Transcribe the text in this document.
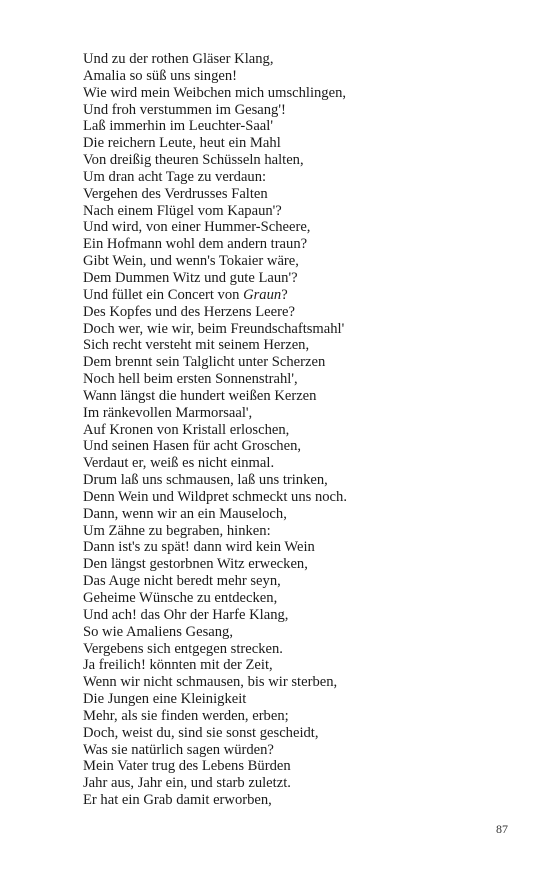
Und zu der rothen Gläser Klang,
Amalia so süß uns singen!
Wie wird mein Weibchen mich umschlingen,
Und froh verstummen im Gesang'!
Laß immerhin im Leuchter-Saal'
Die reichern Leute, heut ein Mahl
Von dreißig theuren Schüsseln halten,
Um dran acht Tage zu verdaun:
Vergehen des Verdrusses Falten
Nach einem Flügel vom Kapaun'?
Und wird, von einer Hummer-Scheere,
Ein Hofmann wohl dem andern traun?
Gibt Wein, und wenn's Tokaier wäre,
Dem Dummen Witz und gute Laun'?
Und füllet ein Concert von Graun?
Des Kopfes und des Herzens Leere?
Doch wer, wie wir, beim Freundschaftsmahl'
Sich recht versteht mit seinem Herzen,
Dem brennt sein Talglicht unter Scherzen
Noch hell beim ersten Sonnenstrahl',
Wann längst die hundert weißen Kerzen
Im ränkevollen Marmorsaal',
Auf Kronen von Kristall erloschen,
Und seinen Hasen für acht Groschen,
Verdaut er, weiß es nicht einmal.
Drum laß uns schmausen, laß uns trinken,
Denn Wein und Wildpret schmeckt uns noch.
Dann, wenn wir an ein Mauseloch,
Um Zähne zu begraben, hinken:
Dann ist's zu spät! dann wird kein Wein
Den längst gestorbnen Witz erwecken,
Das Auge nicht beredt mehr seyn,
Geheime Wünsche zu entdecken,
Und ach! das Ohr der Harfe Klang,
So wie Amaliens Gesang,
Vergebens sich entgegen strecken.
Ja freilich! könnten mit der Zeit,
Wenn wir nicht schmausen, bis wir sterben,
Die Jungen eine Kleinigkeit
Mehr, als sie finden werden, erben;
Doch, weist du, sind sie sonst gescheidt,
Was sie natürlich sagen würden?
Mein Vater trug des Lebens Bürden
Jahr aus, Jahr ein, und starb zuletzt.
Er hat ein Grab damit erworben,
87
